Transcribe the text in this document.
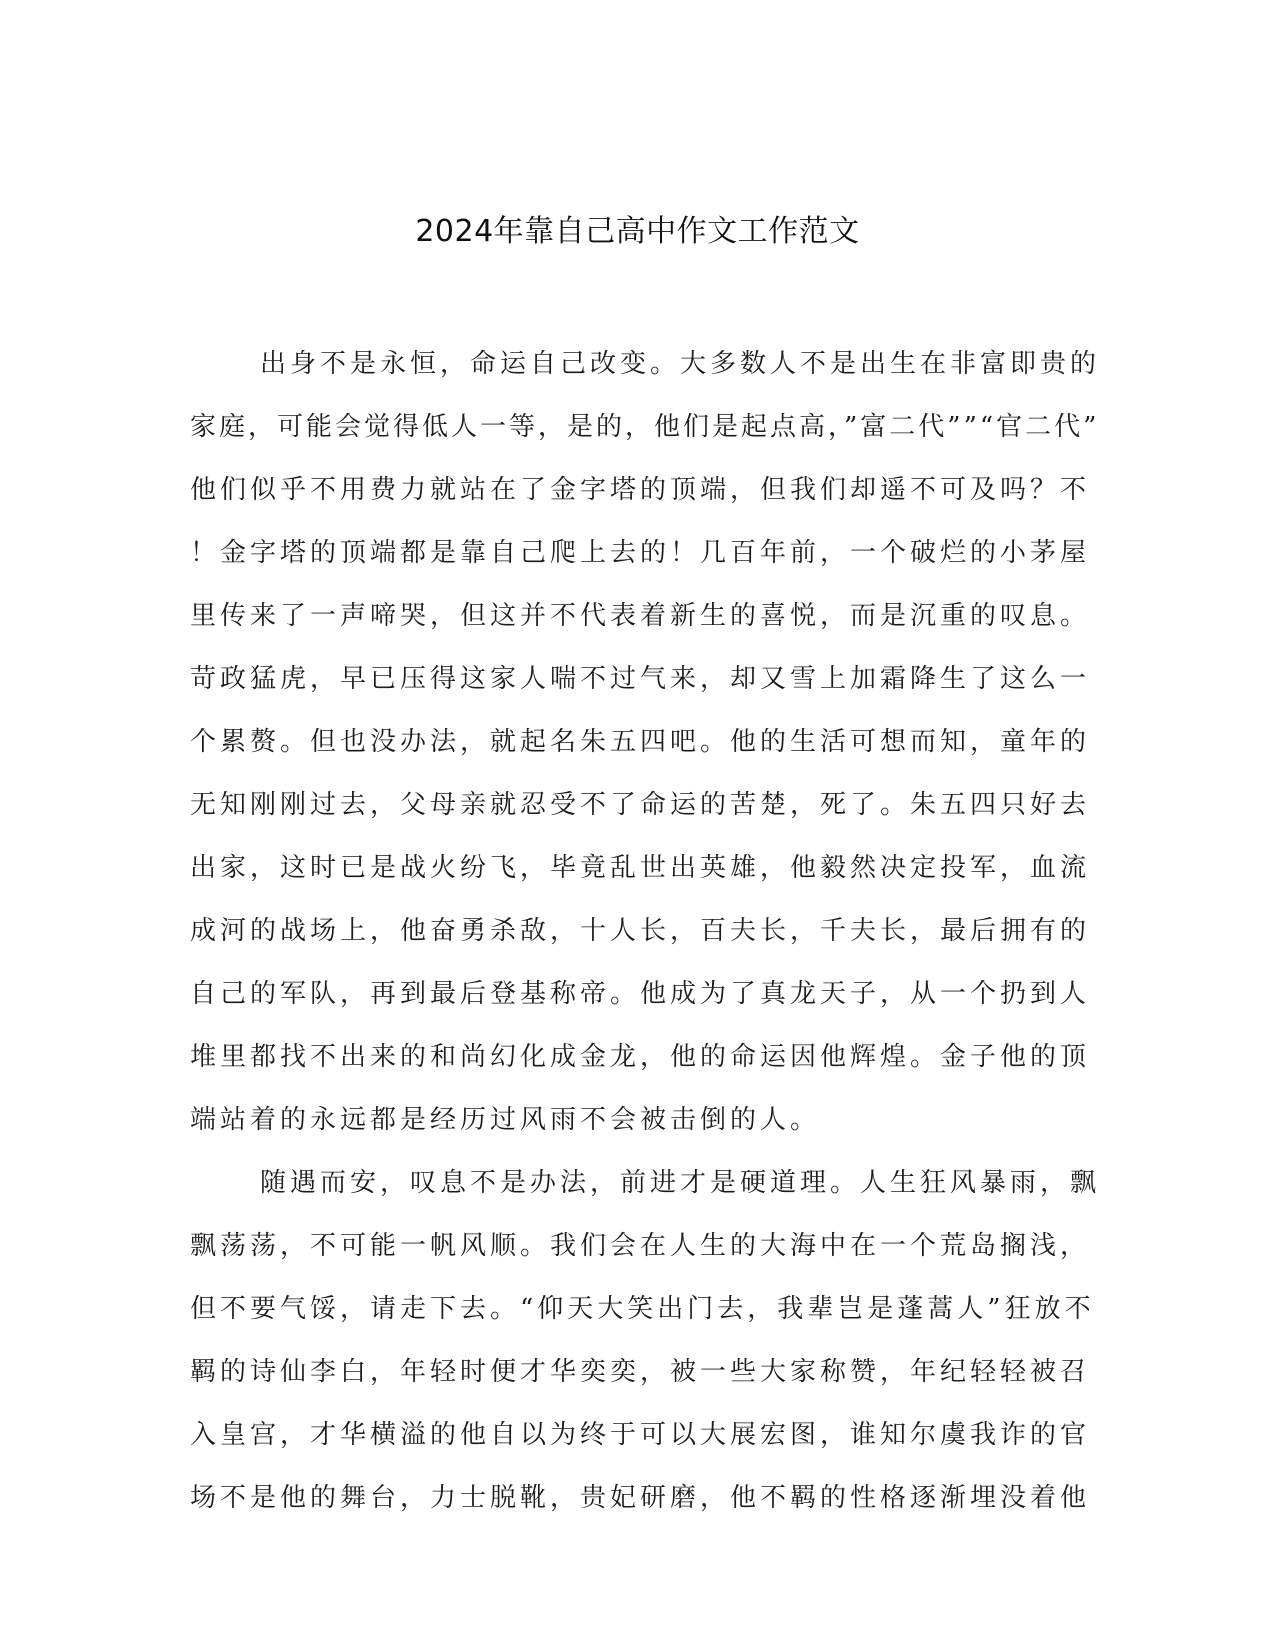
2024年靠自己高中作文工作范文
出身不是永恒，命运自己改变。大多数人不是出生在非富即贵的
家庭，可能会觉得低人一等，是的，他们是起点高，”富二代””“官二代”
他们似乎不用费力就站在了金字塔的顶端，但我们却遥不可及吗？不
！金字塔的顶端都是靠自己爬上去的！几百年前，一个破烂的小茅屋
里传来了一声啼哭，但这并不代表着新生的喜悦，而是沉重的叹息。
苛政猛虎，早已压得这家人喘不过气来，却又雪上加霜降生了这么一
个累赘。但也没办法，就起名朱五四吧。他的生活可想而知，童年的
无知刚刚过去，父母亲就忍受不了命运的苦楚，死了。朱五四只好去
出家，这时已是战火纷飞，毕竟乱世出英雄，他毅然决定投军，血流
成河的战场上，他奋勇杀敌，十人长，百夫长，千夫长，最后拥有的
自己的军队，再到最后登基称帝。他成为了真龙天子，从一个扔到人
堆里都找不出来的和尚幻化成金龙，他的命运因他辉煌。金子他的顶
端站着的永远都是经历过风雨不会被击倒的人。
随遇而安，叹息不是办法，前进才是硬道理。人生狂风暴雨，飘
飘荡荡，不可能一帆风顺。我们会在人生的大海中在一个荒岛搁浅，
但不要气馁，请走下去。“仰天大笑出门去，我辈岂是蓬蒿人”狂放不
羁的诗仙李白，年轻时便才华奕奕，被一些大家称赞，年纪轻轻被召
入皇宫，才华横溢的他自以为终于可以大展宏图，谁知尔虞我诈的官
场不是他的舞台，力士脱靴，贵妃研磨，他不羁的性格逐渐埋没着他
